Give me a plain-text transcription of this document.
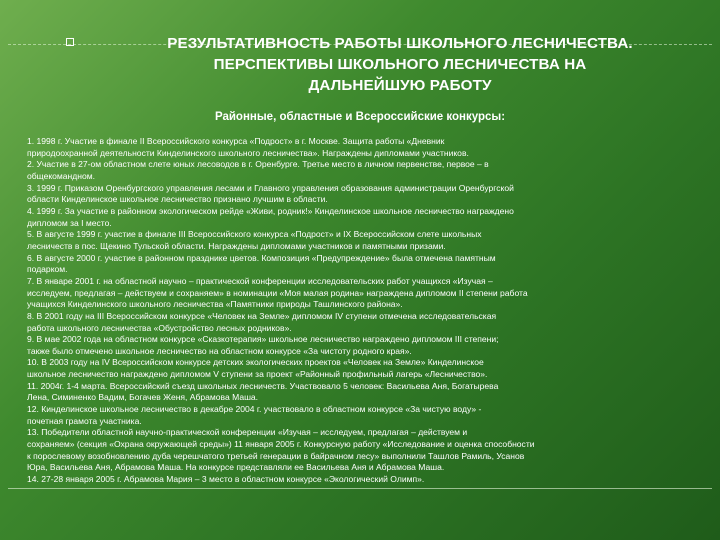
РЕЗУЛЬТАТИВНОСТЬ РАБОТЫ ШКОЛЬНОГО ЛЕСНИЧЕСТВА.
ПЕРСПЕКТИВЫ ШКОЛЬНОГО ЛЕСНИЧЕСТВА НА
ДАЛЬНЕЙШУЮ РАБОТУ
Районные, областные и Всероссийские конкурсы:
1. 1998 г. Участие в финале II Всероссийского конкурса «Подрост» в г. Москве. Защита работы «Дневник
природоохранной деятельности Кинделинского школьного лесничества». Награждены дипломами участников.
2. Участие в 27-ом областном слете юных лесоводов в г. Оренбурге. Третье место в личном первенстве, первое – в
общекомандном.
3. 1999 г. Приказом Оренбургского управления лесами и Главного управления образования администрации Оренбургской
области Кинделинское школьное лесничество признано лучшим в области.
4. 1999 г. За участие в районном экологическом рейде «Живи, родник!» Кинделинское школьное лесничество награждено
дипломом за I место.
5. В августе 1999 г. участие в финале III Всероссийского конкурса «Подрост» и IX Всероссийском слете школьных
лесничеств в пос. Щекино Тульской области. Награждены дипломами участников и памятными призами.
6. В августе 2000 г. участие в районном празднике цветов. Композиция «Предупреждение» была отмечена памятным
подарком.
7. В январе 2001 г. на областной научно – практической конференции исследовательских работ учащихся «Изучая –
исследуем, предлагая – действуем и сохраняем» в номинации «Моя малая родина» награждена дипломом II степени работа
учащихся Кинделинского школьного лесничества «Памятники природы Ташлинского района».
8. В 2001 году на III Всероссийском конкурсе «Человек на Земле» дипломом IV ступени отмечена исследовательская
работа школьного лесничества «Обустройство лесных родников».
9. В мае 2002 года на областном конкурсе «Сказкотерапия» школьное лесничество награждено дипломом III степени;
также было отмечено школьное лесничество на областном конкурсе «За чистоту родного края».
10. В 2003 году на IV Всероссийском конкурсе детских экологических проектов «Человек на Земле» Кинделинское
школьное лесничество награждено дипломом V ступени за проект «Районный профильный лагерь «Лесничество».
11. 2004г. 1-4 марта. Всероссийский съезд школьных лесничеств. Участвовало 5 человек: Васильева Аня, Богатырева
Лена, Симиненко Вадим, Богачев Женя, Абрамова Маша.
12. Кинделинское школьное лесничество в декабре 2004 г. участвовало в областном конкурсе «За чистую воду» -
почетная грамота участника.
13. Победители областной научно-практической конференции «Изучая – исследуем, предлагая – действуем и
сохраняем» (секция «Охрана окружающей среды») 11 января 2005 г. Конкурсную работу «Исследование и оценка способности
к порослевому возобновлению дуба черешчатого третьей генерации в байрачном лесу» выполнили Ташлов Рамиль, Усанов
Юра, Васильева Аня, Абрамова Маша. На конкурсе представляли ее Васильева Аня и Абрамова Маша.
14. 27-28 января 2005 г. Абрамова Мария – 3 место в областном конкурсе «Экологический Олимп».
